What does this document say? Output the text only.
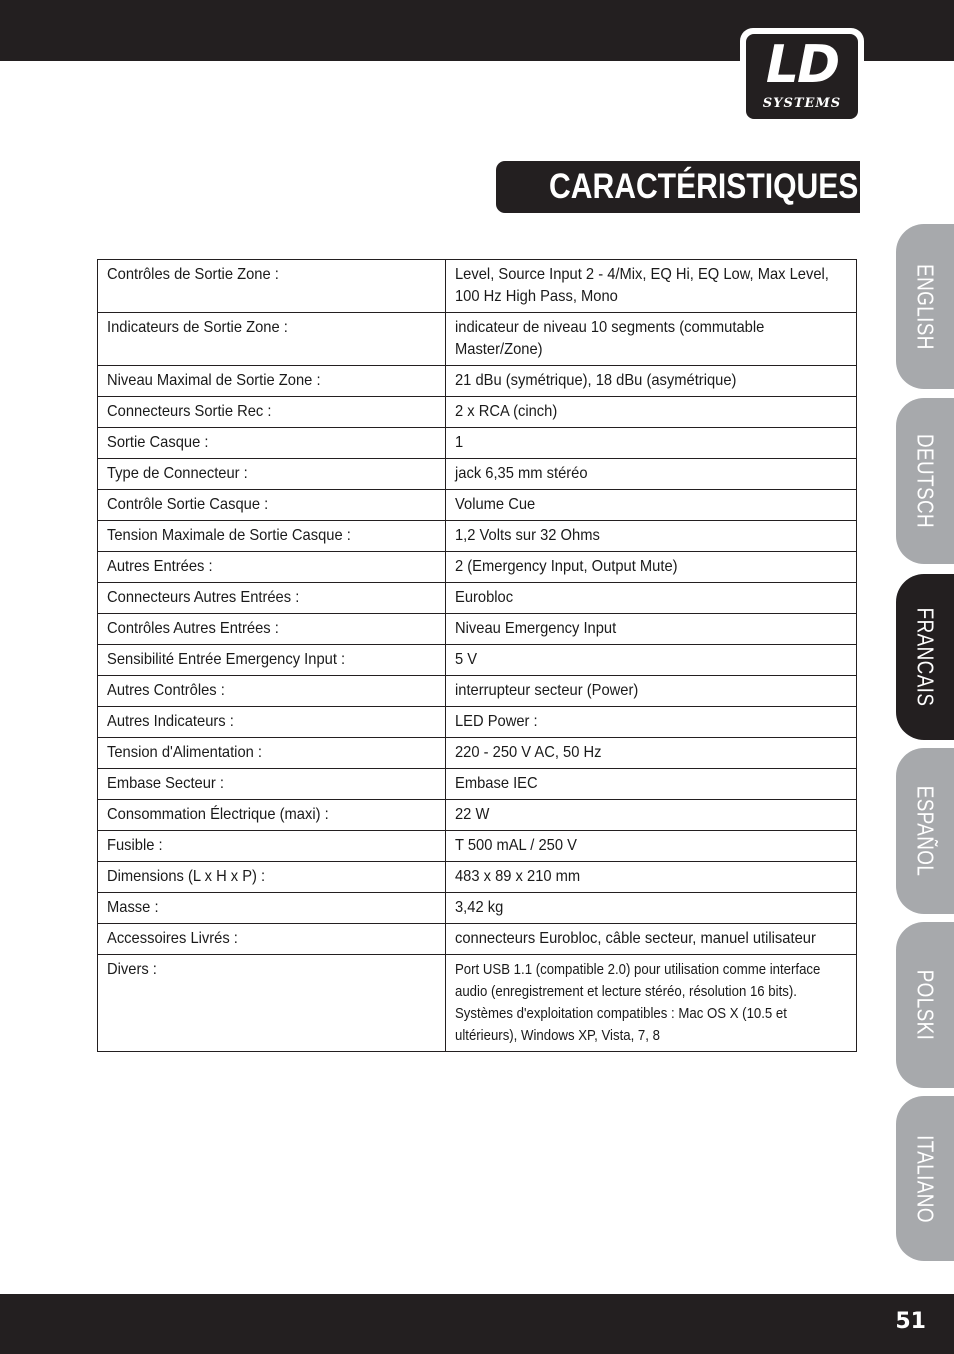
LD
SYSTEMS
CARACTÉRISTIQUES :
ENGLISH
DEUTSCH
FRANCAIS
ESPAÑOL
POLSKI
ITALIANO
Contrôles de Sortie Zone :	Level, Source Input 2 - 4/Mix, EQ Hi, EQ Low, Max Level, 100 Hz High Pass, Mono

Indicateurs de Sortie Zone :	indicateur de niveau 10 segments (commutable Master/Zone)

Niveau Maximal de Sortie Zone :	21 dBu (symétrique), 18 dBu (asymétrique)
Connecteurs Sortie Rec :	2 x RCA (cinch)
Sortie Casque :	1
Type de Connecteur :	jack 6,35 mm stéréo
Contrôle Sortie Casque :	Volume Cue
Tension Maximale de Sortie Casque :	1,2 Volts sur 32 Ohms
Autres Entrées :	2 (Emergency Input, Output Mute)
Connecteurs Autres Entrées :	Eurobloc
Contrôles Autres Entrées :	Niveau Emergency Input
Sensibilité Entrée Emergency Input :	5 V
Autres Contrôles :	interrupteur secteur (Power)
Autres Indicateurs :	LED Power :
Tension d'Alimentation :	220 - 250 V AC, 50 Hz
Embase Secteur :	Embase IEC
Consommation Électrique (maxi) :	22 W
Fusible :	T 500 mAL / 250 V
Dimensions (L x H x P) :	483 x 89 x 210 mm
Masse :	3,42 kg
Accessoires Livrés :	connecteurs Eurobloc, câble secteur, manuel utilisateur
Divers :	Port USB 1.1 (compatible 2.0) pour utilisation comme interface audio (enregistrement et lecture stéréo, résolution 16 bits). Systèmes d'exploitation compatibles : Mac OS X (10.5 et ultérieurs), Windows XP, Vista, 7, 8
51
